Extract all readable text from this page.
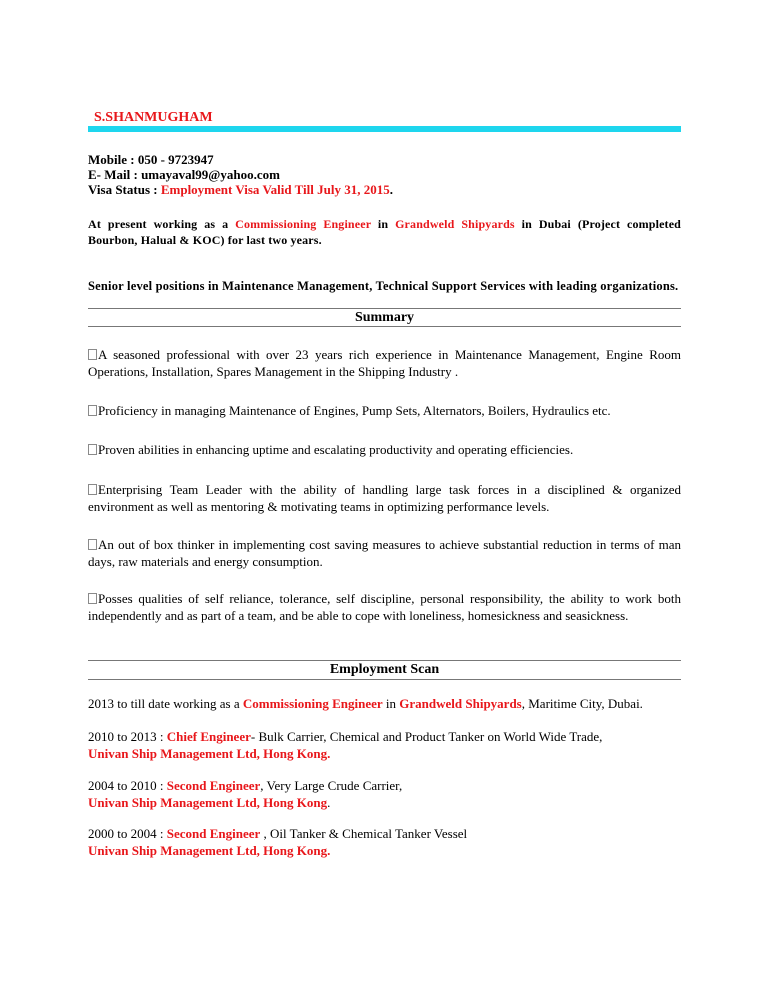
S.SHANMUGHAM
Mobile : 050 - 9723947
E- Mail : umayaval99@yahoo.com
Visa Status : Employment Visa Valid Till July 31, 2015.
At present working as a Commissioning Engineer in Grandweld Shipyards in Dubai (Project completed Bourbon, Halual & KOC) for last two years.
Senior level positions in Maintenance Management, Technical Support Services with leading organizations.
Summary
A seasoned professional with over 23 years rich experience in Maintenance Management, Engine Room Operations, Installation, Spares Management in the Shipping Industry .
Proficiency in managing Maintenance of Engines, Pump Sets, Alternators, Boilers, Hydraulics etc.
Proven abilities in enhancing uptime and escalating productivity and operating efficiencies.
Enterprising Team Leader with the ability of handling large task forces in a disciplined & organized environment as well as mentoring & motivating teams in optimizing performance levels.
An out of box thinker in implementing cost saving measures to achieve substantial reduction in terms of man days, raw materials and energy consumption.
Posses qualities of self reliance, tolerance, self discipline, personal responsibility, the ability to work both independently and as part of a team, and be able to cope with loneliness, homesickness and seasickness.
Employment Scan
2013 to till date working as a Commissioning Engineer in Grandweld Shipyards, Maritime City, Dubai.
2010 to 2013 : Chief Engineer- Bulk Carrier, Chemical and Product Tanker on World Wide Trade,
Univan Ship Management Ltd, Hong Kong.
2004 to 2010 : Second Engineer, Very Large Crude Carrier,
Univan Ship Management Ltd, Hong Kong.
2000 to 2004 : Second Engineer , Oil Tanker & Chemical Tanker Vessel
Univan Ship Management Ltd, Hong Kong.
